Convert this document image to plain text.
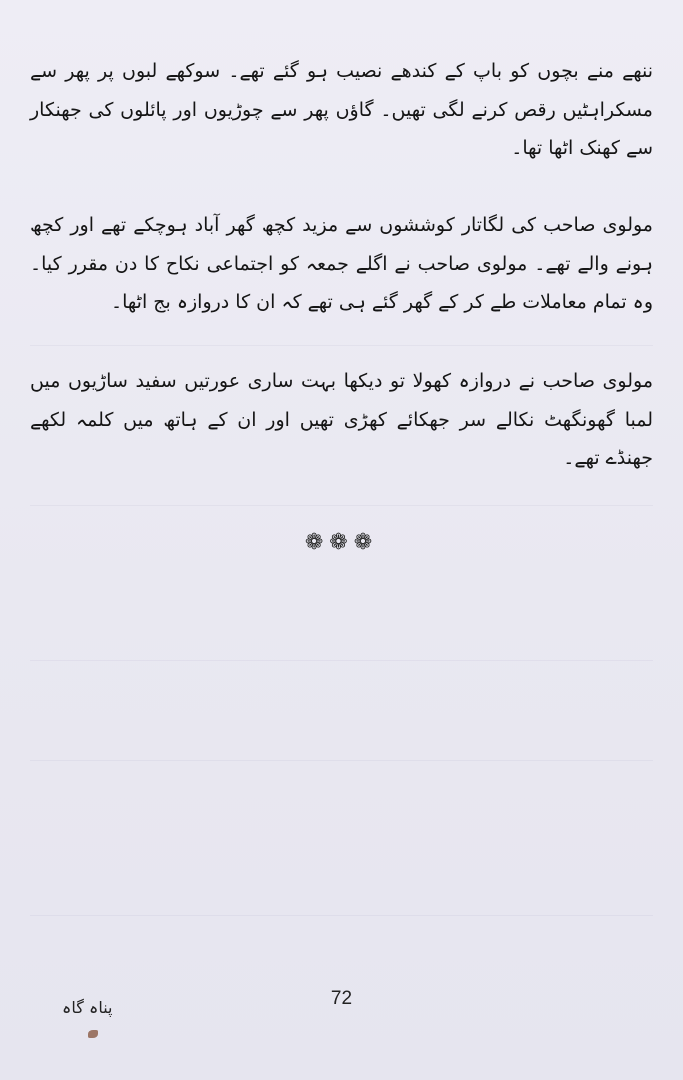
ننھے منے بچوں کو باپ کے کندھے نصیب ہو گئے تھے۔ سوکھے لبوں پر پھر سے مسکراہٹیں رقص کرنے لگی تھیں۔ گاؤں پھر سے چوڑیوں اور پائلوں کی جھنکار سے کھنک اٹھا تھا۔

مولوی صاحب کی لگاتار کوششوں سے مزید کچھ گھر آباد ہوچکے تھے اور کچھ ہونے والے تھے۔ مولوی صاحب نے اگلے جمعہ کو اجتماعی نکاح کا دن مقرر کیا۔ وہ تمام معاملات طے کر کے گھر گئے ہی تھے کہ ان کا دروازہ بج اٹھا۔

مولوی صاحب نے دروازہ کھولا تو دیکھا بہت ساری عورتیں سفید ساڑیوں میں لمبا گھونگھٹ نکالے سر جھکائے کھڑی تھیں اور ان کے ہاتھ میں کلمہ لکھے جھنڈے تھے۔

❁❁❁
72
پناہ گاہ
